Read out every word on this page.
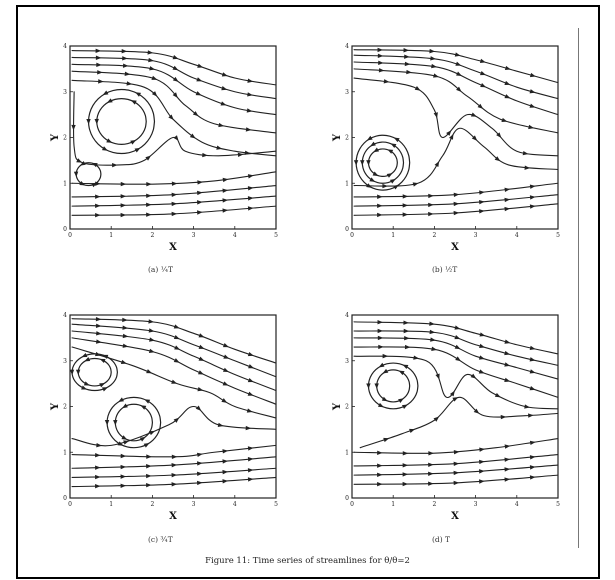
0	1	2	3	4	5
0
1
2
3
4
X
Y
0	1	2	3	4	5
0
1
2
3
4
X
Y
0	1	2	3	4	5
0
1
2
3
4
X
Y
0	1	2	3	4	5
0
1
2
3
4
X
Y
(a) ¼T	(b) ½T
(c) ¾T	(d) T
Figure 11: Time series of streamlines for θ/θ=2
